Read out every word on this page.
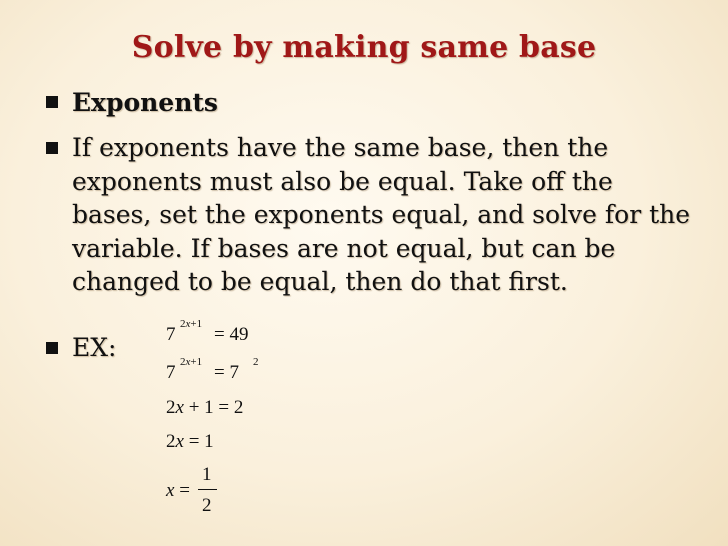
Solve by making same base
Exponents
If exponents have the same base, then the
exponents must also be equal. Take off the
bases, set the exponents equal, and solve for the
variable. If bases are not equal, but can be
changed to be equal, then do that first.
EX:	7 2x+1 = 49
7 2x+1 = 7 2
2x + 1 = 2
2x = 1
x =
1
2
